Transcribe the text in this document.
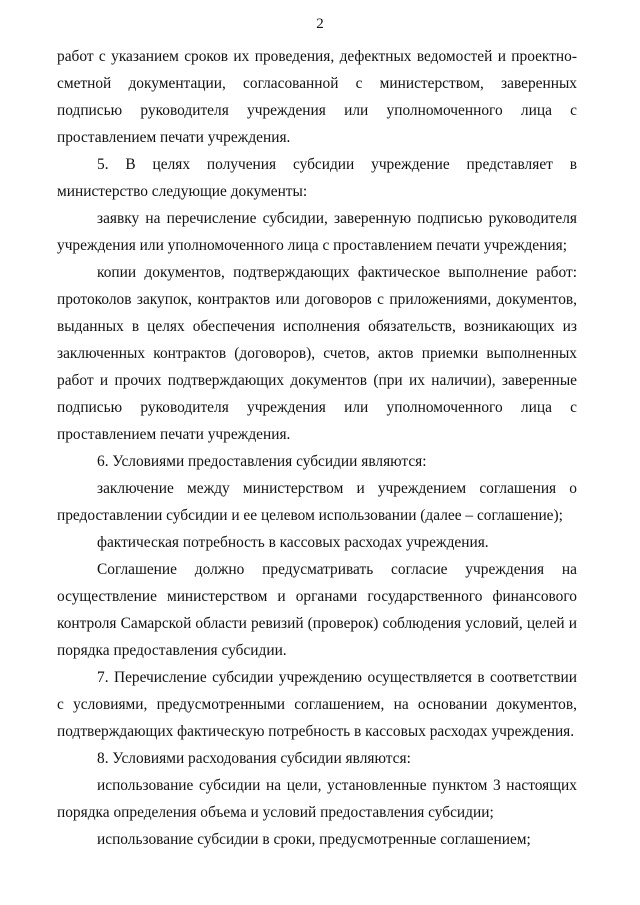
2

работ с указанием сроков их проведения, дефектных ведомостей и проектно-сметной документации, согласованной с министерством, заверенных подписью руководителя учреждения или уполномоченного лица с проставлением печати учреждения.

5. В целях получения субсидии учреждение представляет в министерство следующие документы:

заявку на перечисление субсидии, заверенную подписью руководителя учреждения или уполномоченного лица с проставлением печати учреждения;

копии документов, подтверждающих фактическое выполнение работ: протоколов закупок, контрактов или договоров с приложениями, документов, выданных в целях обеспечения исполнения обязательств, возникающих из заключенных контрактов (договоров), счетов, актов приемки выполненных работ и прочих подтверждающих документов (при их наличии), заверенные подписью руководителя учреждения или уполномоченного лица с проставлением печати учреждения.

6. Условиями предоставления субсидии являются:

заключение между министерством и учреждением соглашения о предоставлении субсидии и ее целевом использовании (далее – соглашение);

фактическая потребность в кассовых расходах учреждения.

Соглашение должно предусматривать согласие учреждения на осуществление министерством и органами государственного финансового контроля Самарской области ревизий (проверок) соблюдения условий, целей и порядка предоставления субсидии.

7. Перечисление субсидии учреждению осуществляется в соответствии с условиями, предусмотренными соглашением, на основании документов, подтверждающих фактическую потребность в кассовых расходах учреждения.

8. Условиями расходования субсидии являются:

использование субсидии на цели, установленные пунктом 3 настоящих порядка определения объема и условий предоставления субсидии;

использование субсидии в сроки, предусмотренные соглашением;
